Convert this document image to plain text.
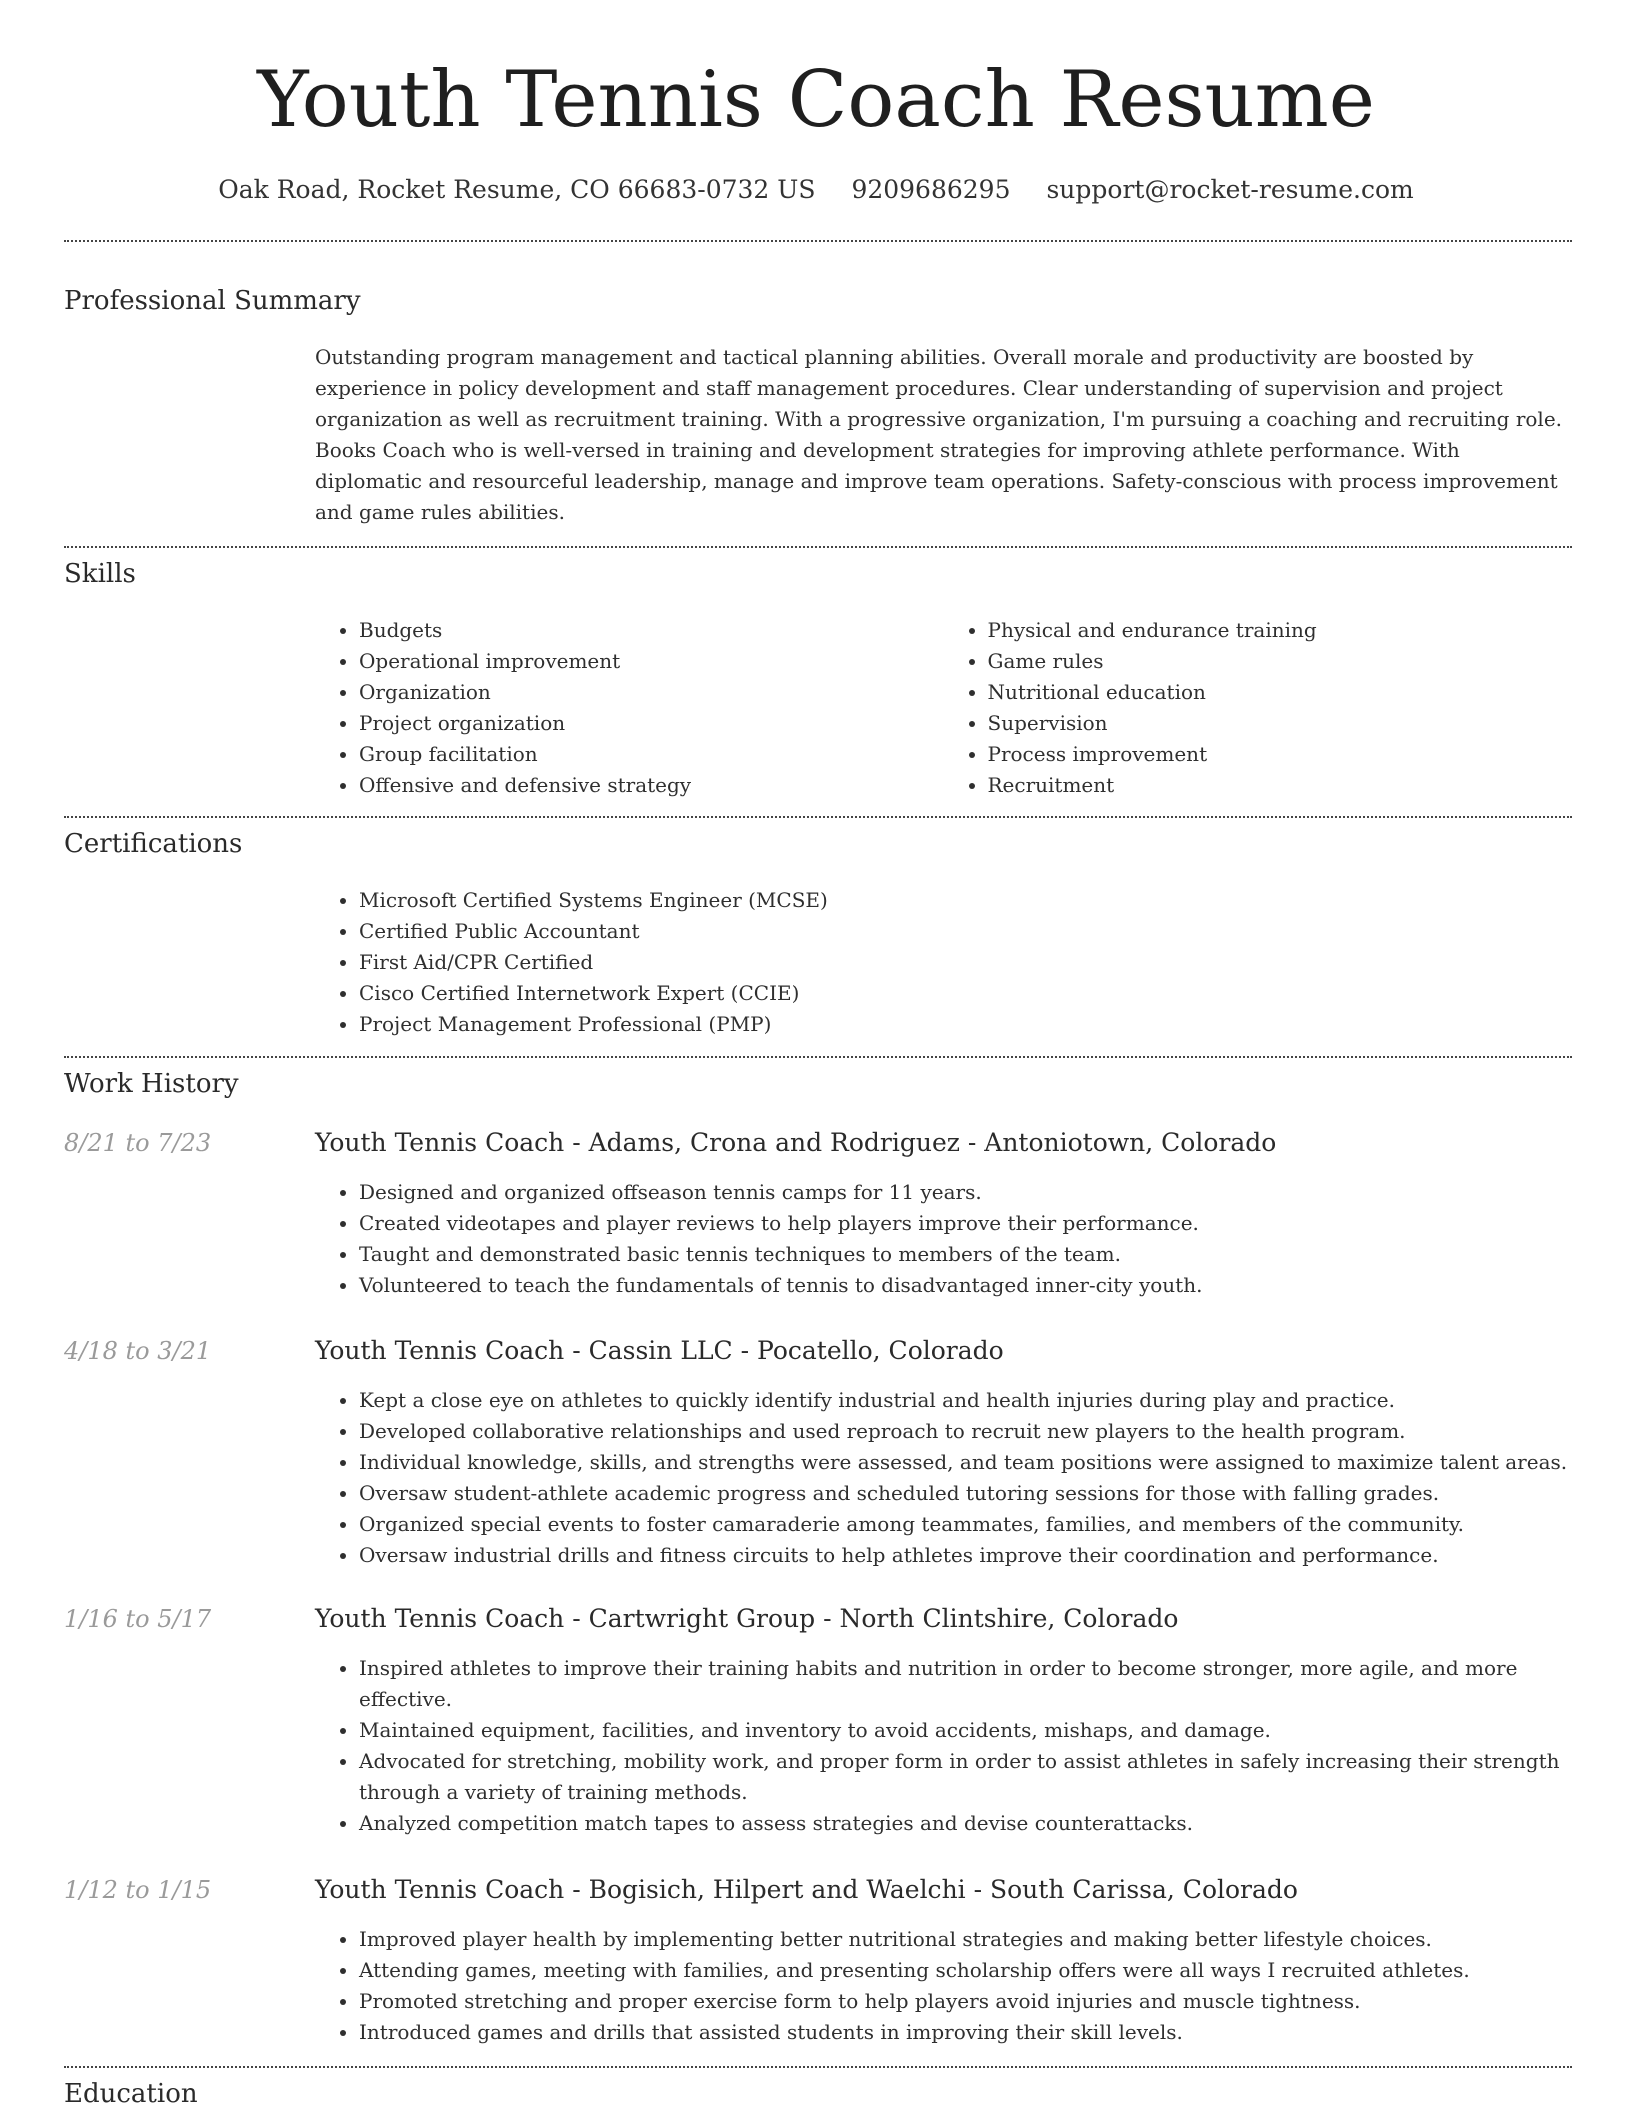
Youth Tennis Coach Resume
Oak Road, Rocket Resume, CO 66683-0732 US 9209686295 support@rocket-resume.com
Professional Summary

Outstanding program management and tactical planning abilities. Overall morale and productivity are boosted by experience in policy development and staff management procedures. Clear understanding of supervision and project organization as well as recruitment training. With a progressive organization, I'm pursuing a coaching and recruiting role. Books Coach who is well-versed in training and development strategies for improving athlete performance. With diplomatic and resourceful leadership, manage and improve team operations. Safety-conscious with process improvement and game rules abilities.

Skills
• Budgets
• Operational improvement
• Organization
• Project organization
• Group facilitation
• Offensive and defensive strategy
• Physical and endurance training
• Game rules
• Nutritional education
• Supervision
• Process improvement
• Recruitment
Certifications
• Microsoft Certified Systems Engineer (MCSE)
• Certified Public Accountant
• First Aid/CPR Certified
• Cisco Certified Internetwork Expert (CCIE)
• Project Management Professional (PMP)
Work History
8/21 to 7/23	Youth Tennis Coach - Adams, Crona and Rodriguez - Antoniotown, Colorado
• Designed and organized offseason tennis camps for 11 years.
• Created videotapes and player reviews to help players improve their performance.
• Taught and demonstrated basic tennis techniques to members of the team.
• Volunteered to teach the fundamentals of tennis to disadvantaged inner-city youth.
4/18 to 3/21	Youth Tennis Coach - Cassin LLC - Pocatello, Colorado
• Kept a close eye on athletes to quickly identify industrial and health injuries during play and practice.
• Developed collaborative relationships and used reproach to recruit new players to the health program.
• Individual knowledge, skills, and strengths were assessed, and team positions were assigned to maximize talent areas.
• Oversaw student-athlete academic progress and scheduled tutoring sessions for those with falling grades.
• Organized special events to foster camaraderie among teammates, families, and members of the community.
• Oversaw industrial drills and fitness circuits to help athletes improve their coordination and performance.
1/16 to 5/17	Youth Tennis Coach - Cartwright Group - North Clintshire, Colorado
• Inspired athletes to improve their training habits and nutrition in order to become stronger, more agile, and more effective.
• Maintained equipment, facilities, and inventory to avoid accidents, mishaps, and damage.
• Advocated for stretching, mobility work, and proper form in order to assist athletes in safely increasing their strength through a variety of training methods.
• Analyzed competition match tapes to assess strategies and devise counterattacks.
1/12 to 1/15	Youth Tennis Coach - Bogisich, Hilpert and Waelchi - South Carissa, Colorado
• Improved player health by implementing better nutritional strategies and making better lifestyle choices.
• Attending games, meeting with families, and presenting scholarship offers were all ways I recruited athletes.
• Promoted stretching and proper exercise form to help players avoid injuries and muscle tightness.
• Introduced games and drills that assisted students in improving their skill levels.
Education
